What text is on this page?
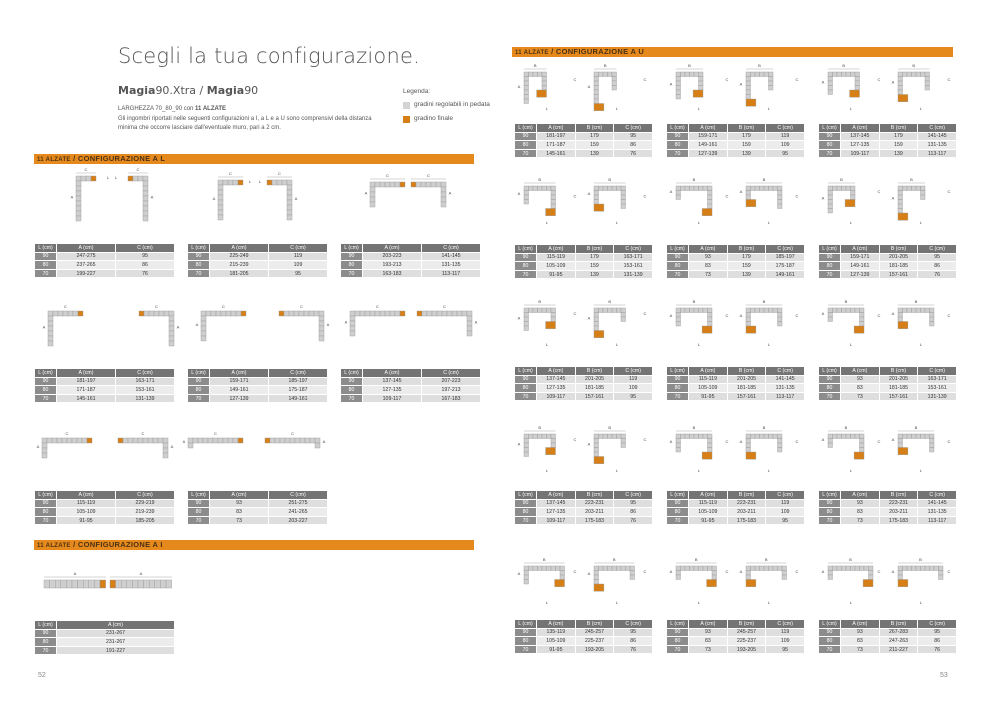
Scegli la tua configurazione.
Magia90.Xtra / Magia90
LARGHEZZA 70_80_90 con 11 ALZATE
Gli ingombri riportati nelle seguenti configurazioni a I, a L e a U sono comprensivi della distanza minima che occorre lasciare dall'eventuale muro, pari a 2 cm.
Legenda:
gradini regolabili in pedata
gradino finale
11 ALZATE / CONFIGURAZIONE A L
11 ALZATE / CONFIGURAZIONE A I
11 ALZATE / CONFIGURAZIONE A U
52	53
L (cm)	A (cm)	C (cm)
90	247-275	95
80	237-265	86
70	199-227	76
L (cm)	A (cm)	C (cm)
90	225-249	119
80	215-239	109
70	181-205	95
L (cm)	A (cm)	C (cm)
90	203-223	141-145
80	193-213	131-135
70	163-183	113-117
L (cm)	A (cm)	C (cm)
90	181-197	163-171
80	171-187	153-161
70	145-161	131-139
L (cm)	A (cm)	C (cm)
90	159-171	185-197
80	149-161	175-187
70	127-139	149-161
L (cm)	A (cm)	C (cm)
90	137-145	207-223
80	127-135	197-213
70	109-117	167-183
L (cm)	A (cm)	C (cm)
90	115-119	229-219
80	105-109	219-239
70	91-95	185-205
L (cm)	A (cm)	C (cm)
90	93	251-275
80	83	241-265
70	73	203-227
L (cm)	A (cm)
90	231-267
80	231-267
70	191-227
L (cm)	A (cm)	B (cm)	C (cm)
90	181-197	179	95
80	171-187	159	86
70	145-161	139	76
L (cm)	A (cm)	B (cm)	C (cm)
90	159-171	179	119
80	149-161	159	109
70	127-139	139	95
L (cm)	A (cm)	B (cm)	C (cm)
90	137-145	179	141-145
80	127-135	159	131-135
70	109-117	139	113-117
L (cm)	A (cm)	B (cm)	C (cm)
90	115-119	179	163-171
80	105-109	159	153-161
70	91-95	139	131-139
L (cm)	A (cm)	B (cm)	C (cm)
90	93	179	185-197
80	83	159	175-187
70	73	139	149-161
L (cm)	A (cm)	B (cm)	C (cm)
90	159-171	201-205	95
80	149-161	181-185	86
70	127-139	157-161	76
L (cm)	A (cm)	B (cm)	C (cm)
90	137-145	201-205	119
80	127-135	181-185	109
70	109-117	157-161	95
L (cm)	A (cm)	B (cm)	C (cm)
90	115-119	201-205	141-145
80	105-109	181-185	131-135
70	91-95	157-161	113-117
L (cm)	A (cm)	B (cm)	C (cm)
90	93	201-205	163-171
80	83	181-185	153-161
70	73	157-161	131-139
L (cm)	A (cm)	B (cm)	C (cm)
90	137-145	223-231	95
80	127-135	203-211	86
70	109-117	175-183	76
L (cm)	A (cm)	B (cm)	C (cm)
90	115-119	223-231	119
80	105-109	203-211	109
70	91-95	175-183	95
L (cm)	A (cm)	B (cm)	C (cm)
90	93	223-231	141-145
80	83	203-211	131-135
70	73	175-183	113-117
L (cm)	A (cm)	B (cm)	C (cm)
90	135-119	245-257	95
80	105-109	225-237	86
70	91-95	193-205	76
L (cm)	A (cm)	B (cm)	C (cm)
90	93	245-257	119
80	83	225-237	109
70	73	193-205	95
L (cm)	A (cm)	B (cm)	C (cm)
90	93	267-283	95
80	83	247-263	86
70	73	211-227	76
A
C
L
A
C
L
A
C
L
A
C
L
A
C
A
C
C
A
C
A
C
A
C
A
C
A
C
A
C
A
C
A
C
A
C
A
A	A
B
A
C
L
B
A
C
L
B
A
C
L
B
A
C
L
B
A	C
L
B
A	C
L
B
A	C
L
B
A	C
L
B
A
C
L
B
A
C
L
B
A
C
L
B
A
C
L
B
A
C
L
B
A
C
L
B
A	C
L
B
A	C
L
B
A	C
L
B
A	C
L
B
A
C
L
B
A
C
L
B
A	C
L
B
A	C
L
B
A	C
L
B
A	C
L
B
A	C
L
B
A	C
L
B
A	C
L
B
A	C
L
B
A	C
L
B
A	C
L
